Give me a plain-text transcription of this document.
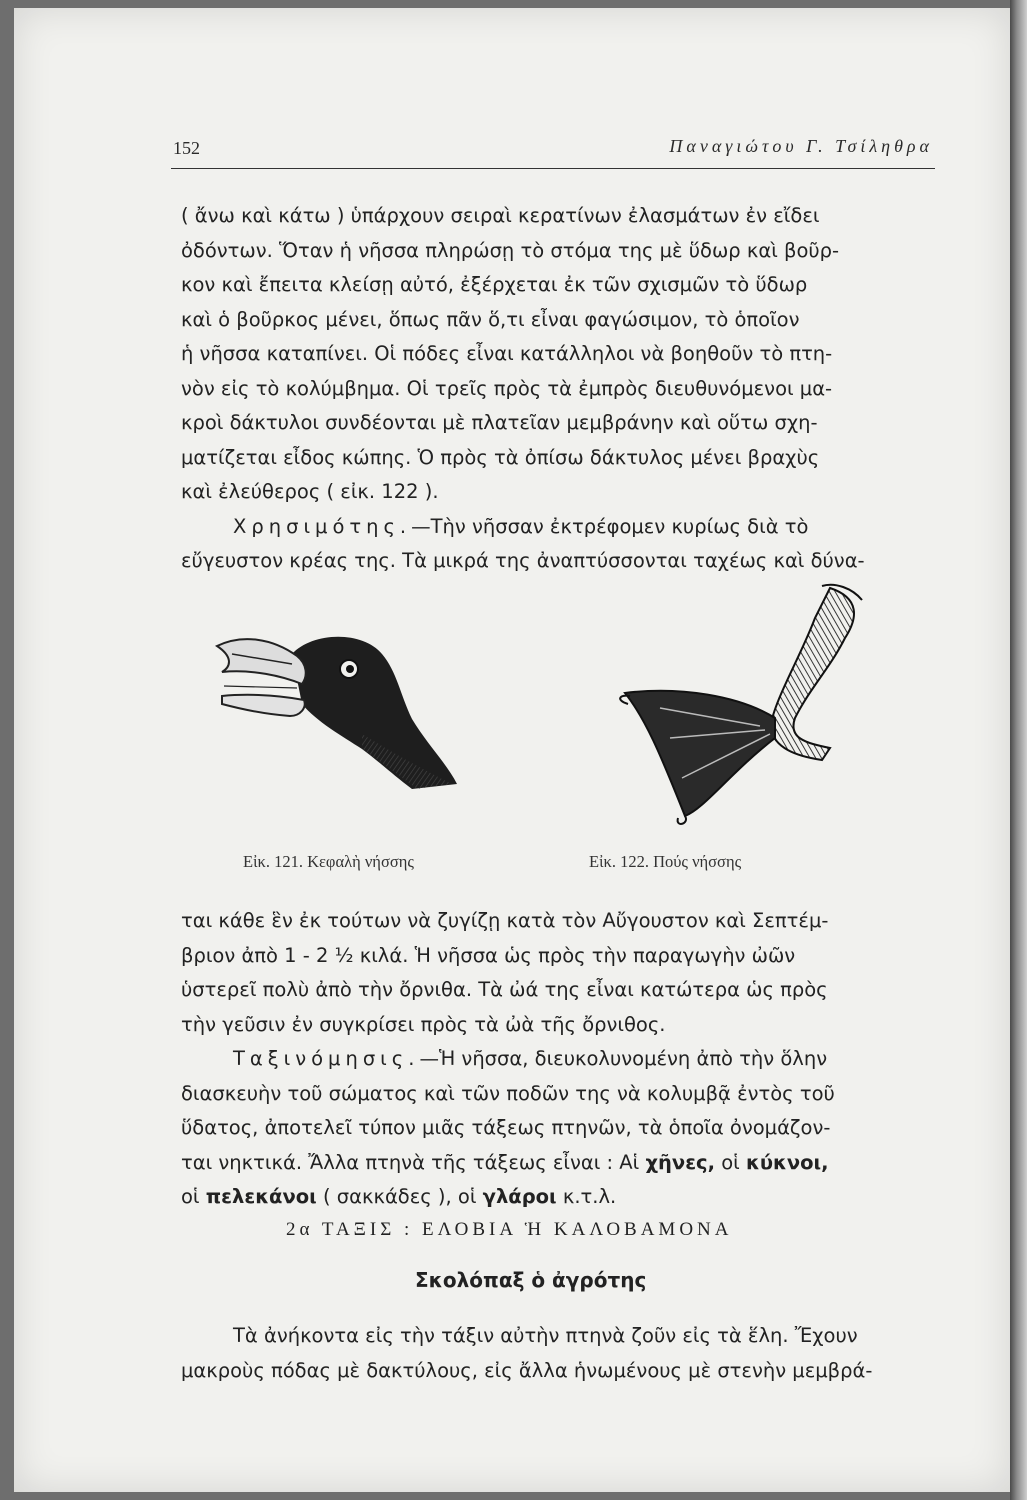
152	Παναγιώτου Γ. Τσίληθρα
( ἄνω καὶ κάτω ) ὑπάρχουν σειραὶ κερατίνων ἐλασμάτων ἐν εἴδει
ὀδόντων. Ὅταν ἡ νῆσσα πληρώσῃ τὸ στόμα της μὲ ὕδωρ καὶ βοῦρ-
κον καὶ ἔπειτα κλείσῃ αὐτό, ἐξέρχεται ἐκ τῶν σχισμῶν τὸ ὕδωρ
καὶ ὁ βοῦρκος μένει, ὅπως πᾶν ὅ,τι εἶναι φαγώσιμον, τὸ ὁποῖον
ἡ νῆσσα καταπίνει. Οἱ πόδες εἶναι κατάλληλοι νὰ βοηθοῦν τὸ πτη-
νὸν εἰς τὸ κολύμβημα. Οἱ τρεῖς πρὸς τὰ ἐμπρὸς διευθυνόμενοι μα-
κροὶ δάκτυλοι συνδέονται μὲ πλατεῖαν μεμβράνην καὶ οὕτω σχη-
ματίζεται εἶδος κώπης. Ὁ πρὸς τὰ ὀπίσω δάκτυλος μένει βραχὺς
καὶ ἐλεύθερος ( εἰκ. 122 ).
Χρησιμότης.—Τὴν νῆσσαν ἐκτρέφομεν κυρίως διὰ τὸ
εὔγευστον κρέας της. Τὰ μικρά της ἀναπτύσσονται ταχέως καὶ δύνα-
Εἰκ. 121. Κεφαλὴ νήσσης	Εἰκ. 122. Πούς νήσσης
ται κάθε ἓν ἐκ τούτων νὰ ζυγίζῃ κατὰ τὸν Αὔγουστον καὶ Σεπτέμ-
βριον ἀπὸ 1 - 2 ½ κιλά. Ἡ νῆσσα ὡς πρὸς τὴν παραγωγὴν ὠῶν
ὑστερεῖ πολὺ ἀπὸ τὴν ὄρνιθα. Τὰ ὠά της εἶναι κατώτερα ὡς πρὸς
τὴν γεῦσιν ἐν συγκρίσει πρὸς τὰ ὠὰ τῆς ὄρνιθος.
Ταξινόμησις.—Ἡ νῆσσα, διευκολυνομένη ἀπὸ τὴν ὅλην
διασκευὴν τοῦ σώματος καὶ τῶν ποδῶν της νὰ κολυμβᾷ ἐντὸς τοῦ
ὕδατος, ἀποτελεῖ τύπον μιᾶς τάξεως πτηνῶν, τὰ ὁποῖα ὀνομάζον-
ται νηκτικά. Ἄλλα πτηνὰ τῆς τάξεως εἶναι : Αἱ χῆνες, οἱ κύκνοι,
οἱ πελεκάνοι ( σακκάδες ), οἱ γλάροι κ.τ.λ.
2α ΤΑΞΙΣ : ΕΛΟΒΙΑ Ἡ ΚΑΛΟΒΑΜΟΝΑ
Σκολόπαξ ὁ ἀγρότης
Τὰ ἀνήκοντα εἰς τὴν τάξιν αὐτὴν πτηνὰ ζοῦν εἰς τὰ ἕλη. Ἔχουν
μακροὺς πόδας μὲ δακτύλους, εἰς ἄλλα ἡνωμένους μὲ στενὴν μεμβρά-
